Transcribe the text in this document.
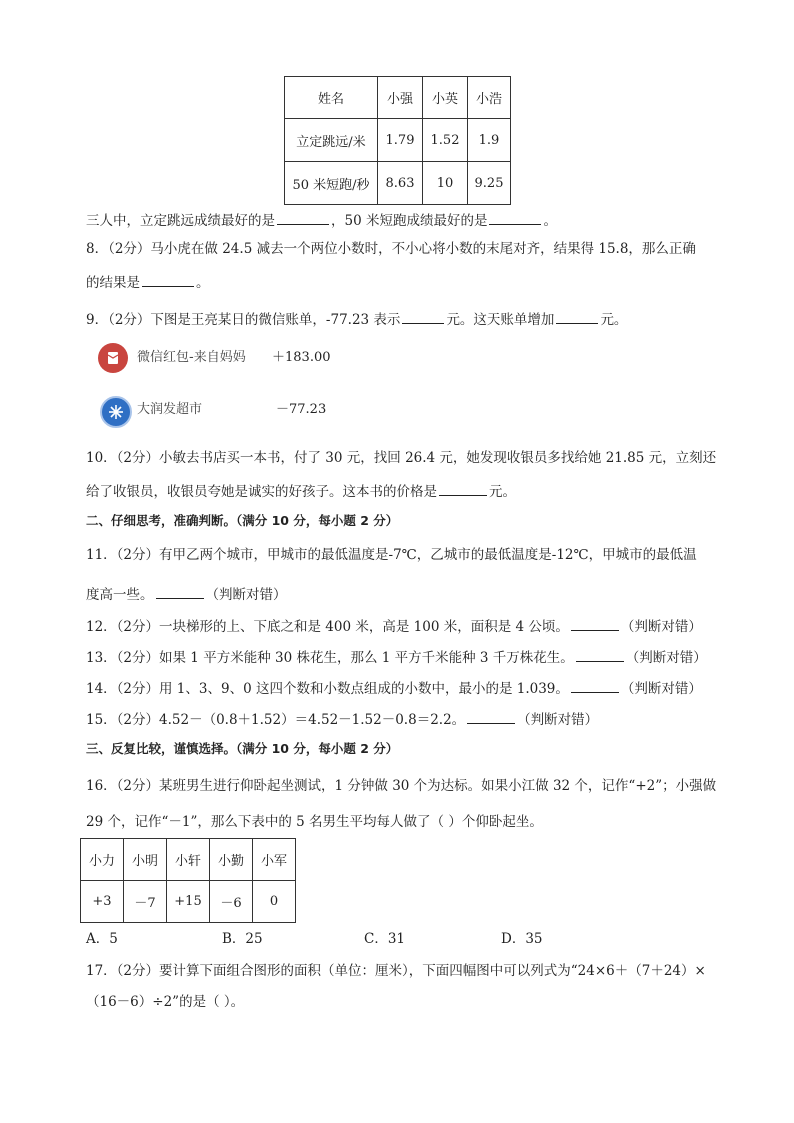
姓名	小强	小英	小浩
立定跳远/米	1.79	1.52	1.9
50 米短跑/秒	8.63	10	9.25
三人中，立定跳远成绩最好的是	，50 米短跑成绩最好的是	。
8．（2分）马小虎在做 24.5 减去一个两位小数时，不小心将小数的末尾对齐，结果得 15.8，那么正确
的结果是	。
9．（2分）下图是王亮某日的微信账单，-77.23 表示	元。这天账单增加	元。
微信红包-来自妈妈 ＋183.00
大润发超市	－77.23
10．（2分）小敏去书店买一本书，付了 30 元，找回 26.4 元，她发现收银员多找给她 21.85 元，立刻还
给了收银员，收银员夸她是诚实的好孩子。这本书的价格是	元。
二、仔细思考，准确判断。（满分 10 分，每小题 2 分）
11．（2分）有甲乙两个城市，甲城市的最低温度是-7℃，乙城市的最低温度是-12℃，甲城市的最低温
度高一些。	（判断对错）
12．（2分）一块梯形的上、下底之和是 400 米，高是 100 米，面积是 4 公顷。	（判断对错）
13．（2分）如果 1 平方米能种 30 株花生，那么 1 平方千米能种 3 千万株花生。	（判断对错）
14．（2分）用 1、3、9、0 这四个数和小数点组成的小数中，最小的是 1.039。	（判断对错）
15．（2分）4.52－（0.8＋1.52）＝4.52－1.52－0.8＝2.2。	（判断对错）
三、反复比较，谨慎选择。（满分 10 分，每小题 2 分）
16．（2分）某班男生进行仰卧起坐测试，1 分钟做 30 个为达标。如果小江做 32 个，记作“+2”；小强做
29 个，记作“－1”，那么下表中的 5 名男生平均每人做了（ ）个仰卧起坐。
小力	小明	小轩	小勤	小军
+3	－7	+15	－6	0
A．5	B．25	C．31	D．35
17．（2分）要计算下面组合图形的面积（单位：厘米），下面四幅图中可以列式为“24×6＋（7＋24）×
（16－6）÷2”的是（ ）。
